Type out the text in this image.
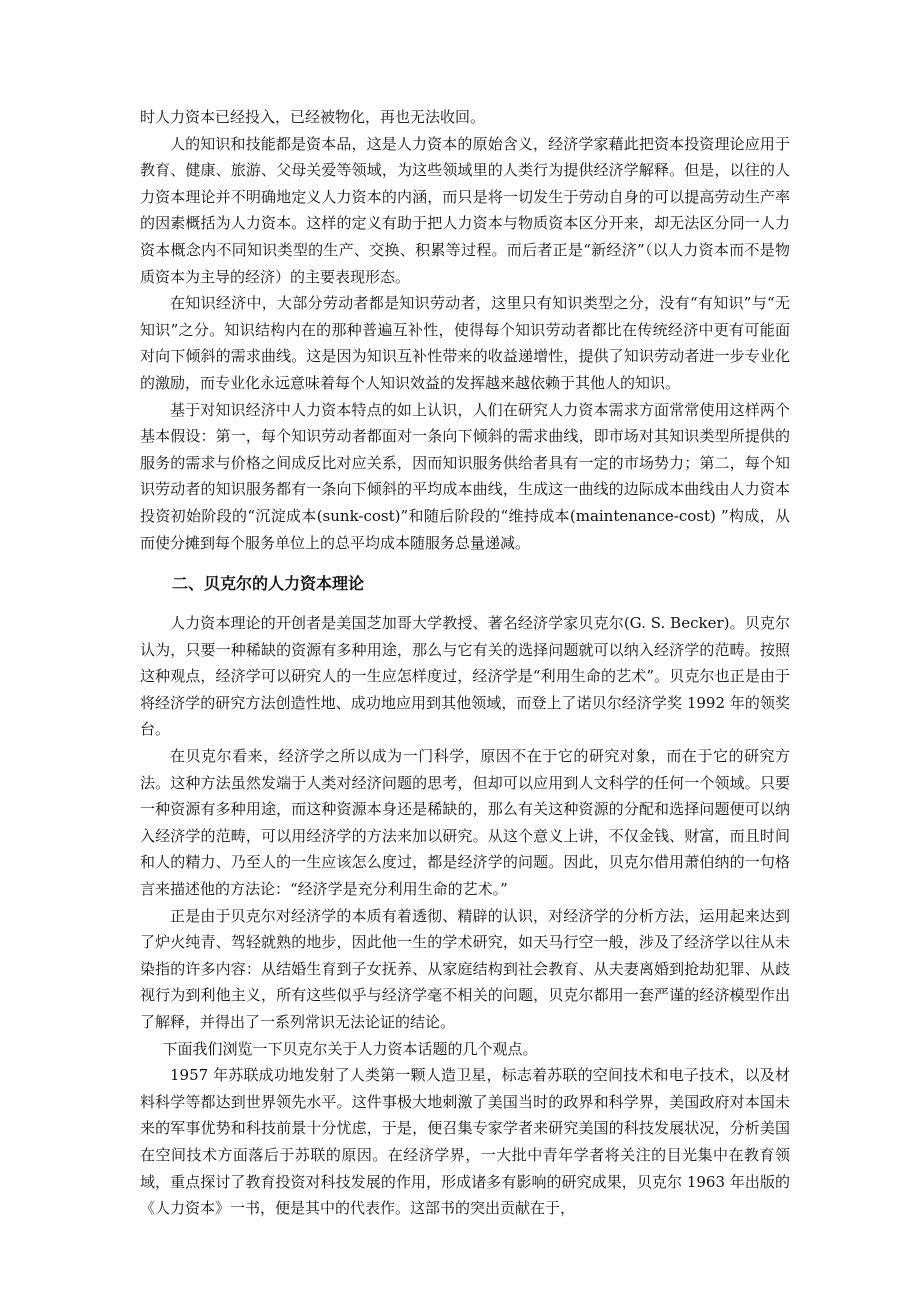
时人力资本已经投入，已经被物化，再也无法收回。

人的知识和技能都是资本品，这是人力资本的原始含义，经济学家藉此把资本投资理论应用于教育、健康、旅游、父母关爱等领域，为这些领域里的人类行为提供经济学解释。但是，以往的人力资本理论并不明确地定义人力资本的内涵，而只是将一切发生于劳动自身的可以提高劳动生产率的因素概括为人力资本。这样的定义有助于把人力资本与物质资本区分开来，却无法区分同一人力资本概念内不同知识类型的生产、交换、积累等过程。而后者正是“新经济”（以人力资本而不是物质资本为主导的经济）的主要表现形态。

在知识经济中，大部分劳动者都是知识劳动者，这里只有知识类型之分，没有“有知识”与“无知识”之分。知识结构内在的那种普遍互补性，使得每个知识劳动者都比在传统经济中更有可能面对向下倾斜的需求曲线。这是因为知识互补性带来的收益递增性，提供了知识劳动者进一步专业化的激励，而专业化永远意味着每个人知识效益的发挥越来越依赖于其他人的知识。

基于对知识经济中人力资本特点的如上认识，人们在研究人力资本需求方面常常使用这样两个基本假设：第一，每个知识劳动者都面对一条向下倾斜的需求曲线，即市场对其知识类型所提供的服务的需求与价格之间成反比对应关系，因而知识服务供给者具有一定的市场势力；第二，每个知识劳动者的知识服务都有一条向下倾斜的平均成本曲线，生成这一曲线的边际成本曲线由人力资本投资初始阶段的“沉淀成本(sunk-cost)”和随后阶段的“维持成本(maintenance-cost) ”构成，从而使分摊到每个服务单位上的总平均成本随服务总量递减。

二、贝克尔的人力资本理论

人力资本理论的开创者是美国芝加哥大学教授、著名经济学家贝克尔(G. S. Becker)。贝克尔认为，只要一种稀缺的资源有多种用途，那么与它有关的选择问题就可以纳入经济学的范畴。按照这种观点，经济学可以研究人的一生应怎样度过，经济学是“利用生命的艺术”。贝克尔也正是由于将经济学的研究方法创造性地、成功地应用到其他领域，而登上了诺贝尔经济学奖 1992 年的领奖台。

在贝克尔看来，经济学之所以成为一门科学，原因不在于它的研究对象，而在于它的研究方法。这种方法虽然发端于人类对经济问题的思考，但却可以应用到人文科学的任何一个领域。只要一种资源有多种用途，而这种资源本身还是稀缺的，那么有关这种资源的分配和选择问题便可以纳入经济学的范畴，可以用经济学的方法来加以研究。从这个意义上讲，不仅金钱、财富，而且时间和人的精力、乃至人的一生应该怎么度过，都是经济学的问题。因此，贝克尔借用萧伯纳的一句格言来描述他的方法论：“经济学是充分利用生命的艺术。”

正是由于贝克尔对经济学的本质有着透彻、精辟的认识，对经济学的分析方法，运用起来达到了炉火纯青、驾轻就熟的地步，因此他一生的学术研究，如天马行空一般，涉及了经济学以往从未染指的许多内容：从结婚生育到子女抚养、从家庭结构到社会教育、从夫妻离婚到抢劫犯罪、从歧视行为到利他主义，所有这些似乎与经济学毫不相关的问题，贝克尔都用一套严谨的经济模型作出了解释，并得出了一系列常识无法论证的结论。

下面我们浏览一下贝克尔关于人力资本话题的几个观点。

1957 年苏联成功地发射了人类第一颗人造卫星，标志着苏联的空间技术和电子技术，以及材料科学等都达到世界领先水平。这件事极大地刺激了美国当时的政界和科学界，美国政府对本国未来的军事优势和科技前景十分忧虑，于是，便召集专家学者来研究美国的科技发展状况，分析美国在空间技术方面落后于苏联的原因。在经济学界，一大批中青年学者将关注的目光集中在教育领域，重点探讨了教育投资对科技发展的作用，形成诸多有影响的研究成果，贝克尔 1963 年出版的《人力资本》一书，便是其中的代表作。这部书的突出贡献在于，
